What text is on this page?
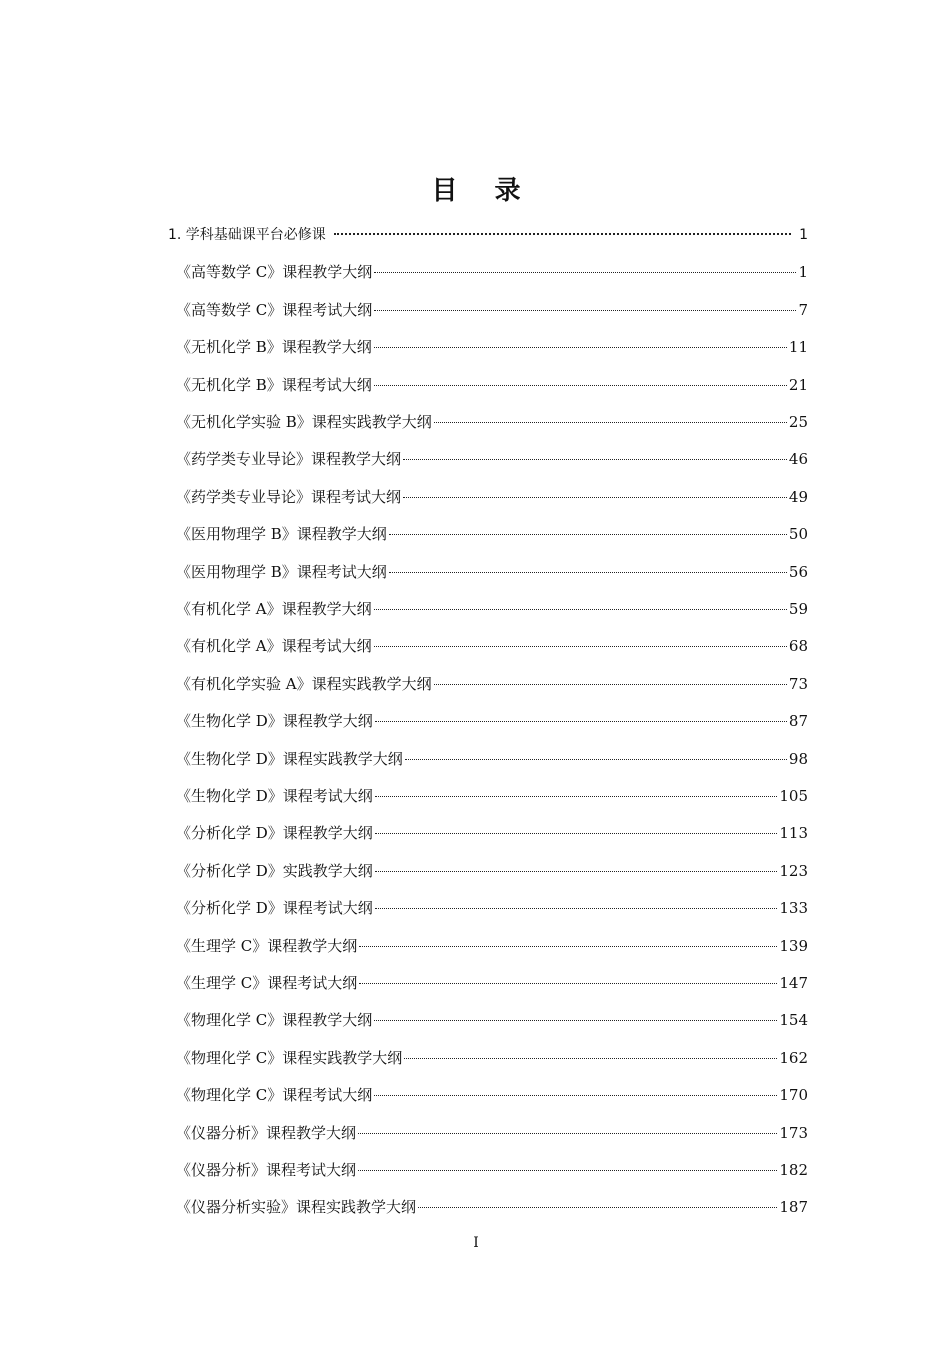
目 录
1. 学科基础课平台必修课	1
《高等数学 C》课程教学大纲	1
《高等数学 C》课程考试大纲	7
《无机化学 B》课程教学大纲	11
《无机化学 B》课程考试大纲	21
《无机化学实验 B》课程实践教学大纲	25
《药学类专业导论》课程教学大纲	46
《药学类专业导论》课程考试大纲	49
《医用物理学 B》课程教学大纲	50
《医用物理学 B》课程考试大纲	56
《有机化学 A》课程教学大纲	59
《有机化学 A》课程考试大纲	68
《有机化学实验 A》课程实践教学大纲	73
《生物化学 D》课程教学大纲	87
《生物化学 D》课程实践教学大纲	98
《生物化学 D》课程考试大纲	105
《分析化学 D》课程教学大纲	113
《分析化学 D》实践教学大纲	123
《分析化学 D》课程考试大纲	133
《生理学 C》课程教学大纲	139
《生理学 C》课程考试大纲	147
《物理化学 C》课程教学大纲	154
《物理化学 C》课程实践教学大纲	162
《物理化学 C》课程考试大纲	170
《仪器分析》课程教学大纲	173
《仪器分析》课程考试大纲	182
《仪器分析实验》课程实践教学大纲	187
I
